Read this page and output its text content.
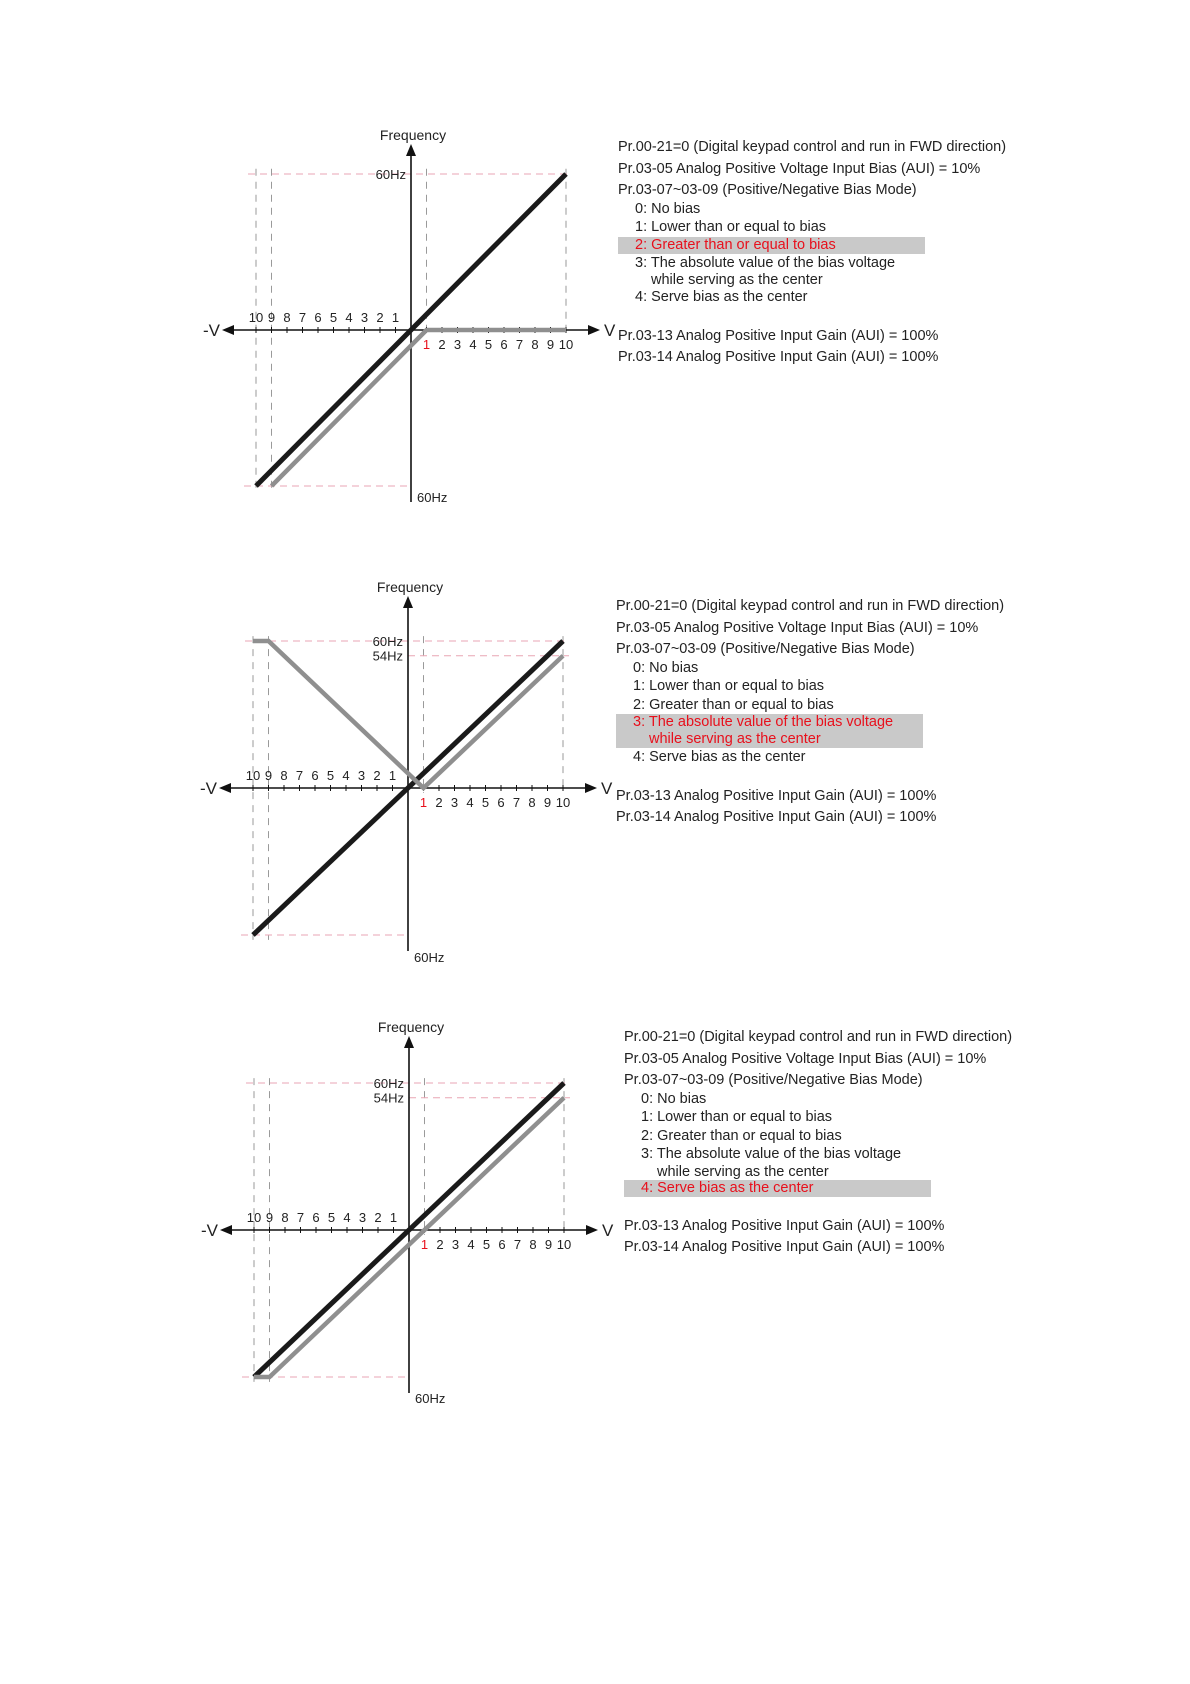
1 2 3 4 5 6 7 8 9 10
10 9 8 7 6 5 4 3 2 1
V
-V
Frequency
60Hz
60Hz
Pr.00-21=0 (Digital keypad control and run in FWD direction)
Pr.03-05 Analog Positive Voltage Input Bias (AUI) = 10%
Pr.03-07~03-09 (Positive/Negative Bias Mode)
0: No bias
1: Lower than or equal to bias
2: Greater than or equal to bias
3: The absolute value of the bias voltage
while serving as the center
4: Serve bias as the center
Pr.03-13 Analog Positive Input Gain (AUI) = 100%
Pr.03-14 Analog Positive Input Gain (AUI) = 100%
1 2 3 4 5 6 7 8 9 10
10 9 8 7 6 5 4 3 2 1
V
-V
Frequency
60Hz
54Hz
60Hz
Pr.00-21=0 (Digital keypad control and run in FWD direction)
Pr.03-05 Analog Positive Voltage Input Bias (AUI) = 10%
Pr.03-07~03-09 (Positive/Negative Bias Mode)
0: No bias
1: Lower than or equal to bias
2: Greater than or equal to bias
3: The absolute value of the bias voltage
while serving as the center
4: Serve bias as the center
Pr.03-13 Analog Positive Input Gain (AUI) = 100%
Pr.03-14 Analog Positive Input Gain (AUI) = 100%
1 2 3 4 5 6 7 8 9 10
10 9 8 7 6 5 4 3 2 1
V
-V
Frequency
60Hz
54Hz
60Hz
Pr.00-21=0 (Digital keypad control and run in FWD direction)
Pr.03-05 Analog Positive Voltage Input Bias (AUI) = 10%
Pr.03-07~03-09 (Positive/Negative Bias Mode)
0: No bias
1: Lower than or equal to bias
2: Greater than or equal to bias
3: The absolute value of the bias voltage
while serving as the center
4: Serve bias as the center
Pr.03-13 Analog Positive Input Gain (AUI) = 100%
Pr.03-14 Analog Positive Input Gain (AUI) = 100%
